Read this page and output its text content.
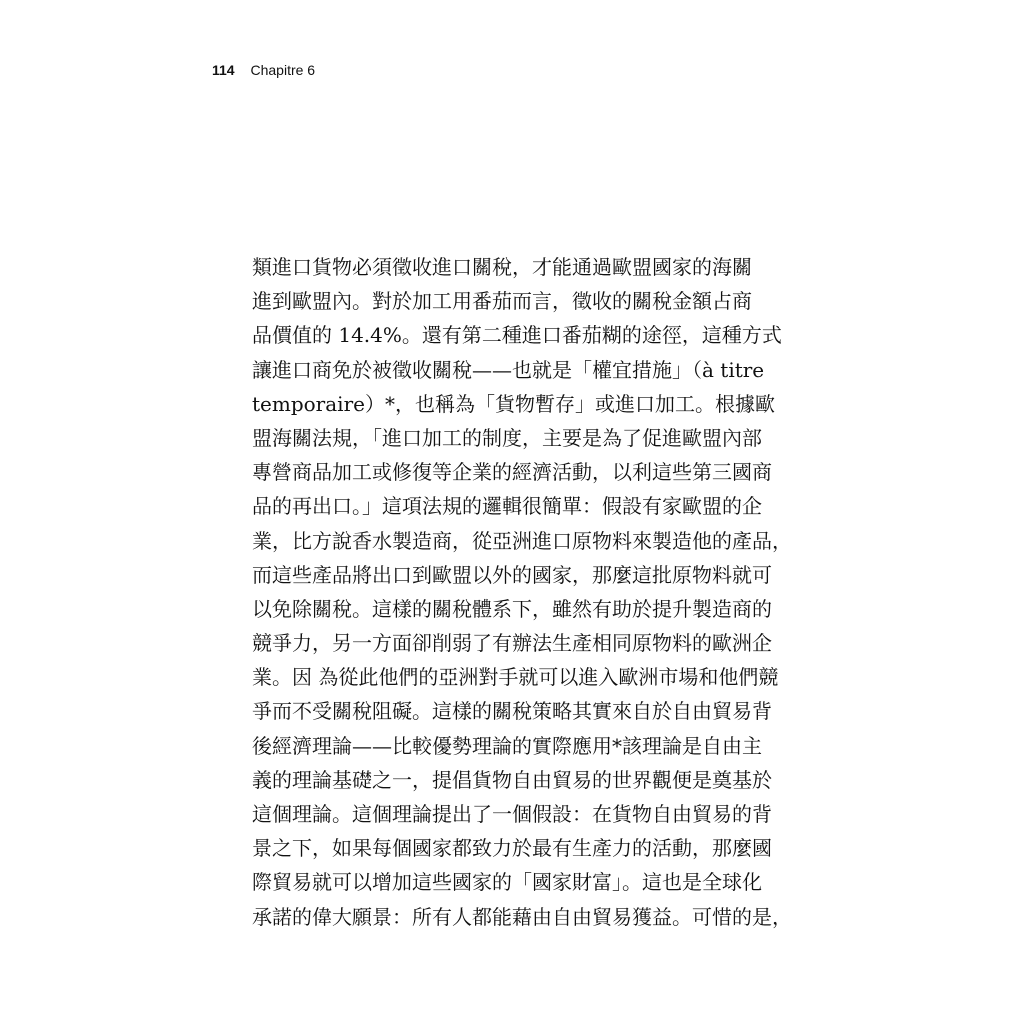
114 Chapitre 6
類進口貨物必須徵收進口關稅，才能通過歐盟國家的海關
進到歐盟內。對於加工用番茄而言，徵收的關稅金額占商
品價值的 14.4%。還有第二種進口番茄糊的途徑，這種方式
讓進口商免於被徵收關稅——也就是「權宜措施」（à titre
temporaire）*，也稱為「貨物暫存」或進口加工。根據歐
盟海關法規，「進口加工的制度，主要是為了促進歐盟內部
專營商品加工或修復等企業的經濟活動，以利這些第三國商
品的再出口。」這項法規的邏輯很簡單：假設有家歐盟的企
業，比方說香水製造商，從亞洲進口原物料來製造他的產品，
而這些產品將出口到歐盟以外的國家，那麼這批原物料就可
以免除關稅。這樣的關稅體系下，雖然有助於提升製造商的
競爭力，另一方面卻削弱了有辦法生產相同原物料的歐洲企
業。因 為從此他們的亞洲對手就可以進入歐洲市場和他們競
爭而不受關稅阻礙。這樣的關稅策略其實來自於自由貿易背
後經濟理論——比較優勢理論的實際應用*該理論是自由主
義的理論基礎之一，提倡貨物自由貿易的世界觀便是奠基於
這個理論。這個理論提出了一個假設：在貨物自由貿易的背
景之下，如果每個國家都致力於最有生產力的活動，那麼國
際貿易就可以增加這些國家的「國家財富」。這也是全球化
承諾的偉大願景：所有人都能藉由自由貿易獲益。可惜的是，
